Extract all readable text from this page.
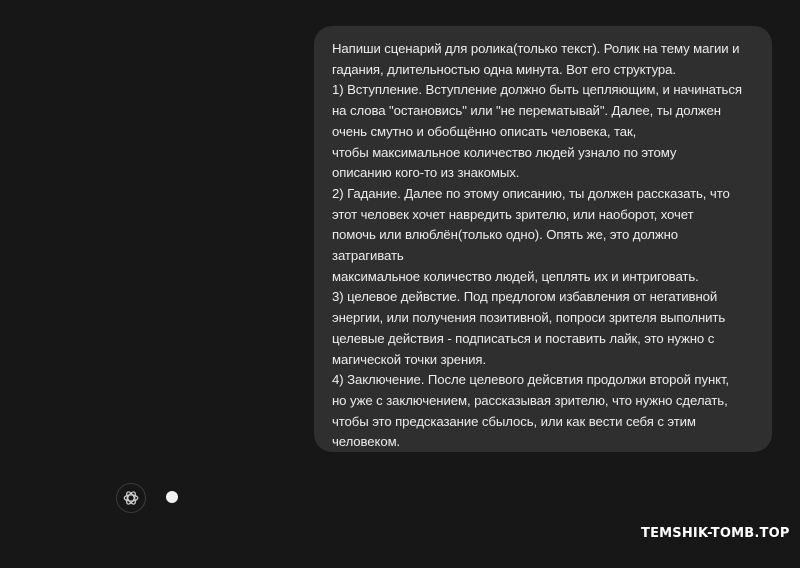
Напиши сценарий для ролика(только текст). Ролик на тему магии и
гадания, длительностью одна минута. Вот его структура.
1) Вступление. Вступление должно быть цепляющим, и начинаться
на слова "остановись" или "не перематывай". Далее, ты должен
очень смутно и обобщённо описать человека, так,
чтобы максимальное количество людей узнало по этому
описанию кого-то из знакомых.
2) Гадание. Далее по этому описанию, ты должен рассказать, что
этот человек хочет навредить зрителю, или наоборот, хочет
помочь или влюблён(только одно). Опять же, это должно
затрагивать
максимальное количество людей, цеплять их и интриговать.
3) целевое дейвстие. Под предлогом избавления от негативной
энергии, или получения позитивной, попроси зрителя выполнить
целевые действия - подписаться и поставить лайк, это нужно с
магической точки зрения.
4) Заключение. После целевого дейсвтия продолжи второй пункт,
но уже с заключением, рассказывая зрителю, что нужно сделать,
чтобы это предсказание сбылось, или как вести себя с этим
человеком.
TEMSHIK-TOMB.TOP
